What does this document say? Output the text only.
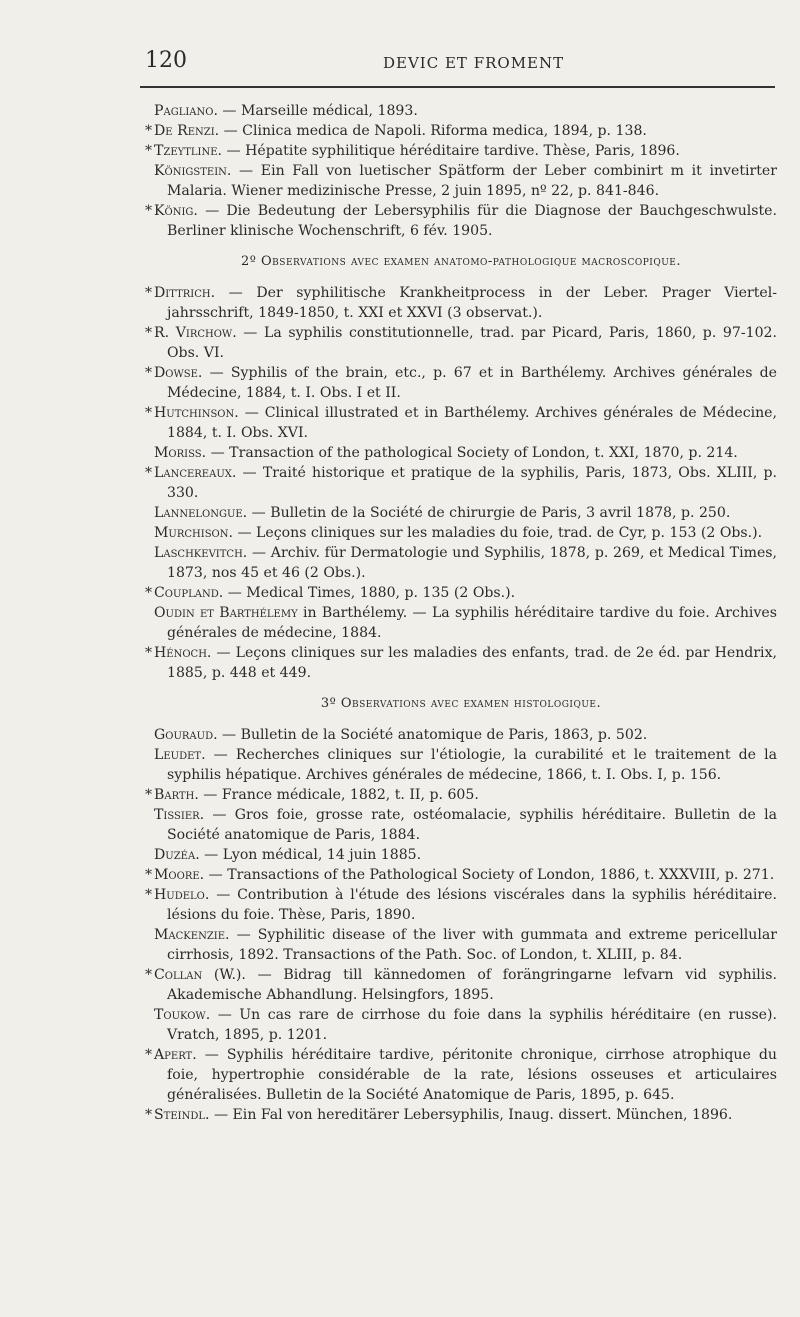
120	DEVIC ET FROMENT
Pagliano. — Marseille médical, 1893.
* De Renzi. — Clinica medica de Napoli. Riforma medica, 1894, p. 138.
* Tzeytline. — Hépatite syphilitique héréditaire tardive. Thèse, Paris, 1896.
Königstein. — Ein Fall von luetischer Spätform der Leber combinirt m it invetirter Malaria. Wiener medizinische Presse, 2 juin 1895, nº 22, p. 841-846.
* König. — Die Bedeutung der Lebersyphilis für die Diagnose der Bauchgeschwulste. Berliner klinische Wochenschrift, 6 fév. 1905.
2º Observations avec examen anatomo-pathologique macroscopique.
* Dittrich. — Der syphilitische Krankheitprocess in der Leber. Prager Viertel-jahrsschrift, 1849-1850, t. XXI et XXVI (3 observat.).
* R. Virchow. — La syphilis constitutionnelle, trad. par Picard, Paris, 1860, p. 97-102. Obs. VI.
* Dowse. — Syphilis of the brain, etc., p. 67 et in Barthélemy. Archives générales de Médecine, 1884, t. I. Obs. I et II.
* Hutchinson. — Clinical illustrated et in Barthélemy. Archives générales de Médecine, 1884, t. I. Obs. XVI.
Moriss. — Transaction of the pathological Society of London, t. XXI, 1870, p. 214.
* Lancereaux. — Traité historique et pratique de la syphilis, Paris, 1873, Obs. XLIII, p. 330.
Lannelongue. — Bulletin de la Société de chirurgie de Paris, 3 avril 1878, p. 250.
Murchison. — Leçons cliniques sur les maladies du foie, trad. de Cyr, p. 153 (2 Obs.).
Laschkevitch. — Archiv. für Dermatologie und Syphilis, 1878, p. 269, et Medical Times, 1873, nos 45 et 46 (2 Obs.).
* Coupland. — Medical Times, 1880, p. 135 (2 Obs.).
Oudin et Barthélemy in Barthélemy. — La syphilis héréditaire tardive du foie. Archives générales de médecine, 1884.
* Hénoch. — Leçons cliniques sur les maladies des enfants, trad. de 2e éd. par Hendrix, 1885, p. 448 et 449.
3º Observations avec examen histologique.
Gouraud. — Bulletin de la Société anatomique de Paris, 1863, p. 502.
Leudet. — Recherches cliniques sur l'étiologie, la curabilité et le traitement de la syphilis hépatique. Archives générales de médecine, 1866, t. I. Obs. I, p. 156.
* Barth. — France médicale, 1882, t. II, p. 605.
Tissier. — Gros foie, grosse rate, ostéomalacie, syphilis héréditaire. Bulletin de la Société anatomique de Paris, 1884.
Duzéa. — Lyon médical, 14 juin 1885.
* Moore. — Transactions of the Pathological Society of London, 1886, t. XXXVIII, p. 271.
* Hudelo. — Contribution à l'étude des lésions viscérales dans la syphilis héréditaire. lésions du foie. Thèse, Paris, 1890.
Mackenzie. — Syphilitic disease of the liver with gummata and extreme pericellular cirrhosis, 1892. Transactions of the Path. Soc. of London, t. XLIII, p. 84.
* Collan (W.). — Bidrag till kännedomen of forängringarne lefvarn vid syphilis. Akademische Abhandlung. Helsingfors, 1895.
Toukow. — Un cas rare de cirrhose du foie dans la syphilis héréditaire (en russe). Vratch, 1895, p. 1201.
* Apert. — Syphilis héréditaire tardive, péritonite chronique, cirrhose atrophique du foie, hypertrophie considérable de la rate, lésions osseuses et articulaires généralisées. Bulletin de la Société Anatomique de Paris, 1895, p. 645.
* Steindl. — Ein Fal von hereditärer Lebersyphilis, Inaug. dissert. München, 1896.
